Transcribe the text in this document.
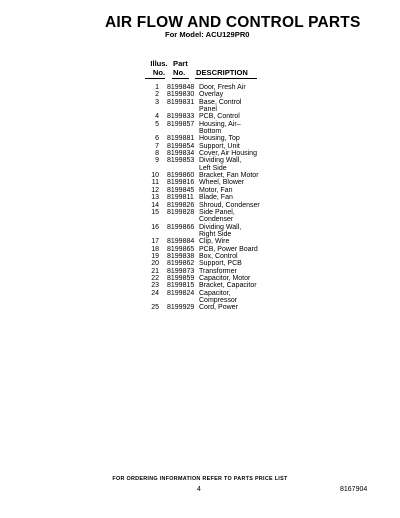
AIR FLOW AND CONTROL PARTS
For Model: ACU129PR0
Illus.
No.
Part
No.	DESCRIPTION
1	8199848 Door, Fresh Air
2	8199830 Overlay
3	8199831 Base, Control
Panel
4	8199833 PCB, Control
5	8199857 Housing, Air–
Bottom
6	8199881 Housing, Top
7	8199854 Support, Unit
8	8199834 Cover, Air Housing
9	8199853 Dividing Wall,
Left Side
10	8199860 Bracket, Fan Motor
11	8199816 Wheel, Blower
12	8199845 Motor, Fan
13	8199811 Blade, Fan
14	8199826 Shroud, Condenser
15	8199828 Side Panel,
Condenser
16	8199866 Dividing Wall,
Right Side
17	8199884 Clip, Wire
18	8199865 PCB, Power Board
19	8199838 Box, Control
20	8199862 Support, PCB
21	8199873 Transformer
22	8199859 Capacitor, Motor
23	8199815 Bracket, Capacitor
24	8199824 Capacitor,
Compressor
25	8199929 Cord, Power
FOR ORDERING INFORMATION REFER TO PARTS PRICE LIST
4	8167904
